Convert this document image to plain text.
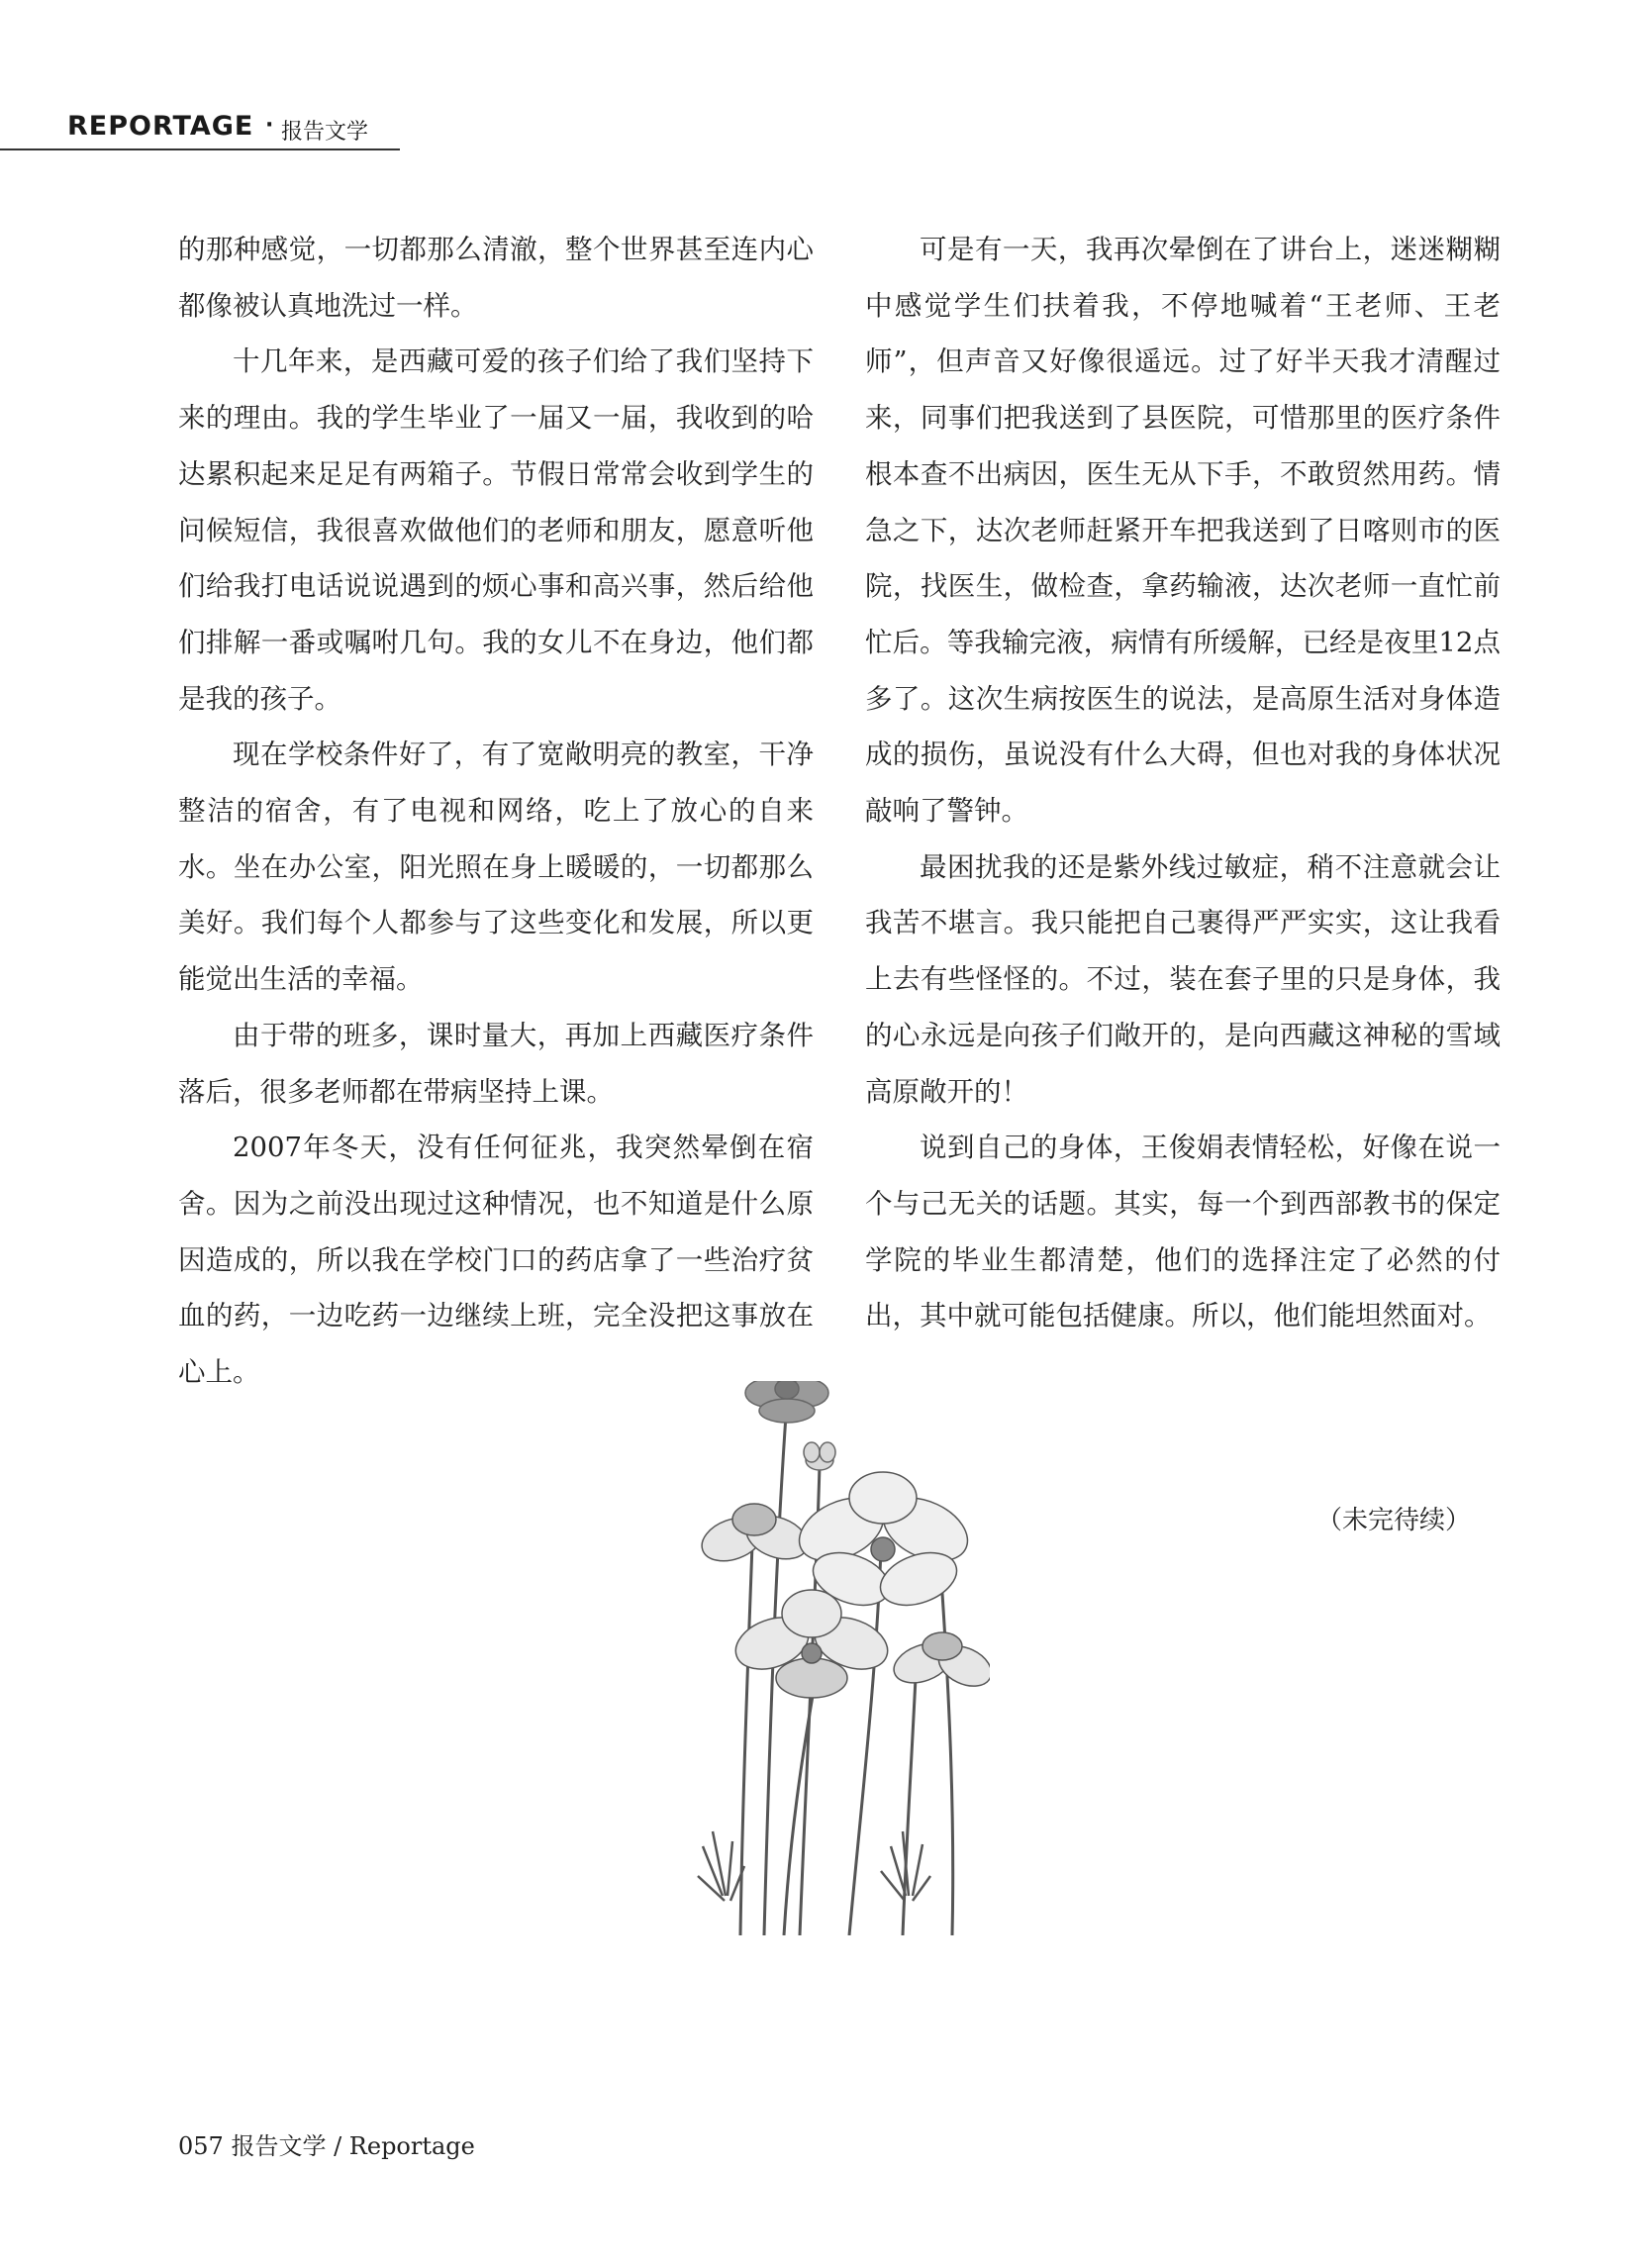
REPORTAGE · 报告文学

的那种感觉，一切都那么清澈，整个世界甚至连内心都像被认真地洗过一样。

十几年来，是西藏可爱的孩子们给了我们坚持下来的理由。我的学生毕业了一届又一届，我收到的哈达累积起来足足有两箱子。节假日常常会收到学生的问候短信，我很喜欢做他们的老师和朋友，愿意听他们给我打电话说说遇到的烦心事和高兴事，然后给他们排解一番或嘱咐几句。我的女儿不在身边，他们都是我的孩子。

现在学校条件好了，有了宽敞明亮的教室，干净整洁的宿舍，有了电视和网络，吃上了放心的自来水。坐在办公室，阳光照在身上暖暖的，一切都那么美好。我们每个人都参与了这些变化和发展，所以更能觉出生活的幸福。

由于带的班多，课时量大，再加上西藏医疗条件落后，很多老师都在带病坚持上课。

2007年冬天，没有任何征兆，我突然晕倒在宿舍。因为之前没出现过这种情况，也不知道是什么原因造成的，所以我在学校门口的药店拿了一些治疗贫血的药，一边吃药一边继续上班，完全没把这事放在心上。

可是有一天，我再次晕倒在了讲台上，迷迷糊糊中感觉学生们扶着我，不停地喊着“王老师、王老师”，但声音又好像很遥远。过了好半天我才清醒过来，同事们把我送到了县医院，可惜那里的医疗条件根本查不出病因，医生无从下手，不敢贸然用药。情急之下，达次老师赶紧开车把我送到了日喀则市的医院，找医生，做检查，拿药输液，达次老师一直忙前忙后。等我输完液，病情有所缓解，已经是夜里12点多了。这次生病按医生的说法，是高原生活对身体造成的损伤，虽说没有什么大碍，但也对我的身体状况敲响了警钟。

最困扰我的还是紫外线过敏症，稍不注意就会让我苦不堪言。我只能把自己裹得严严实实，这让我看上去有些怪怪的。不过，装在套子里的只是身体，我的心永远是向孩子们敞开的，是向西藏这神秘的雪域高原敞开的！

说到自己的身体，王俊娟表情轻松，好像在说一个与己无关的话题。其实，每一个到西部教书的保定学院的毕业生都清楚，他们的选择注定了必然的付出，其中就可能包括健康。所以，他们能坦然面对。

（未完待续）
057 报告文学 / Reportage
